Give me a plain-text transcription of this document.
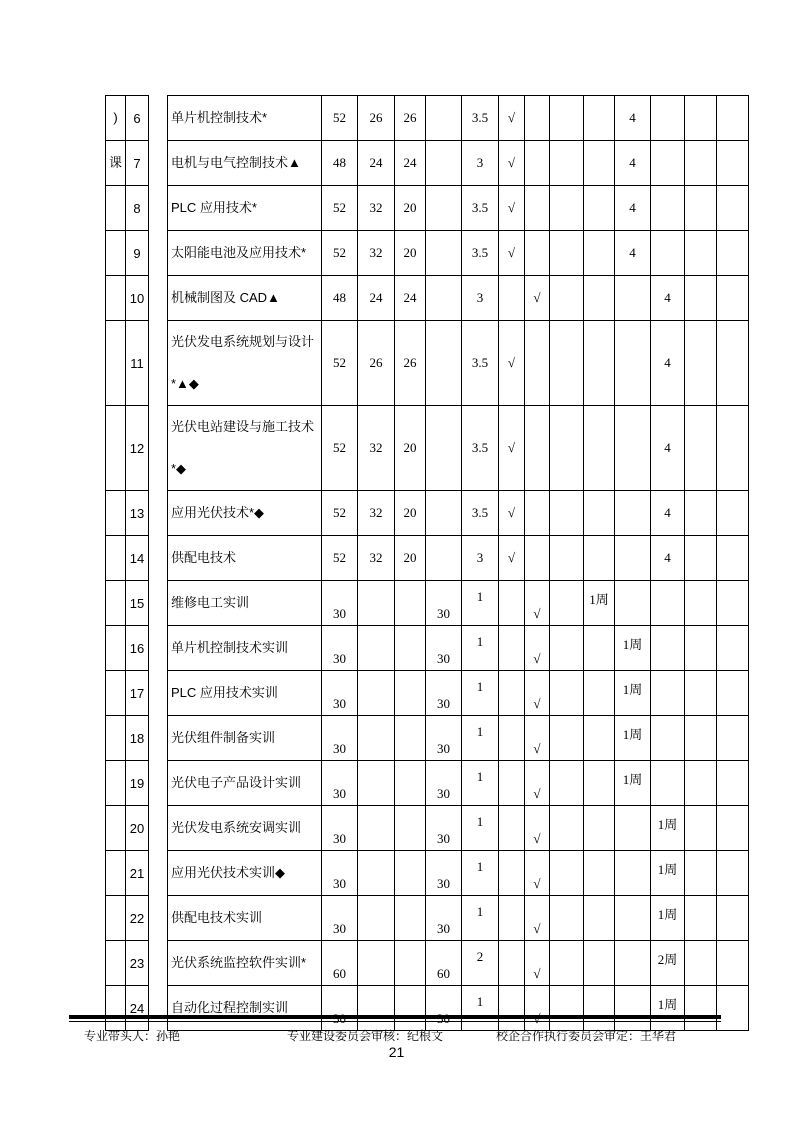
)	6		单片机控制技术*	52	26	26		3.5	√				4			
课	7		电机与电气控制技术▲	48	24	24		3	√				4			
	8		PLC 应用技术*	52	32	20		3.5	√				4			
	9		太阳能电池及应用技术*	52	32	20		3.5	√				4			
	10		机械制图及 CAD▲	48	24	24		3		√				4		
	11		光伏发电系统规划与设计*▲◆	52	26	26		3.5	√					4		
	12		光伏电站建设与施工技术*◆	52	32	20		3.5	√					4		
	13		应用光伏技术*◆	52	32	20		3.5	√					4		
	14		供配电技术	52	32	20		3	√					4		
	15		维修电工实训	30			30	1		√		1周				

	16		单片机控制技术实训	30			30	1		√			1周			

	17		PLC 应用技术实训	30			30	1		√			1周			

	18		光伏组件制备实训	30			30	1		√			1周			

	19		光伏电子产品设计实训	30			30	1		√			1周			

	20		光伏发电系统安调实训	30			30	1		√				1周		

	21		应用光伏技术实训◆	30			30	1		√				1周		

	22		供配电技术实训	30			30	1		√				1周		

	23		光伏系统监控软件实训*	60			60	2		√				2周		

	24		自动化过程控制实训					1						1周		

专业带头人：孙艳	专业建设委员会审核：纪根文	校企合作执行委员会审定：王华君
21
